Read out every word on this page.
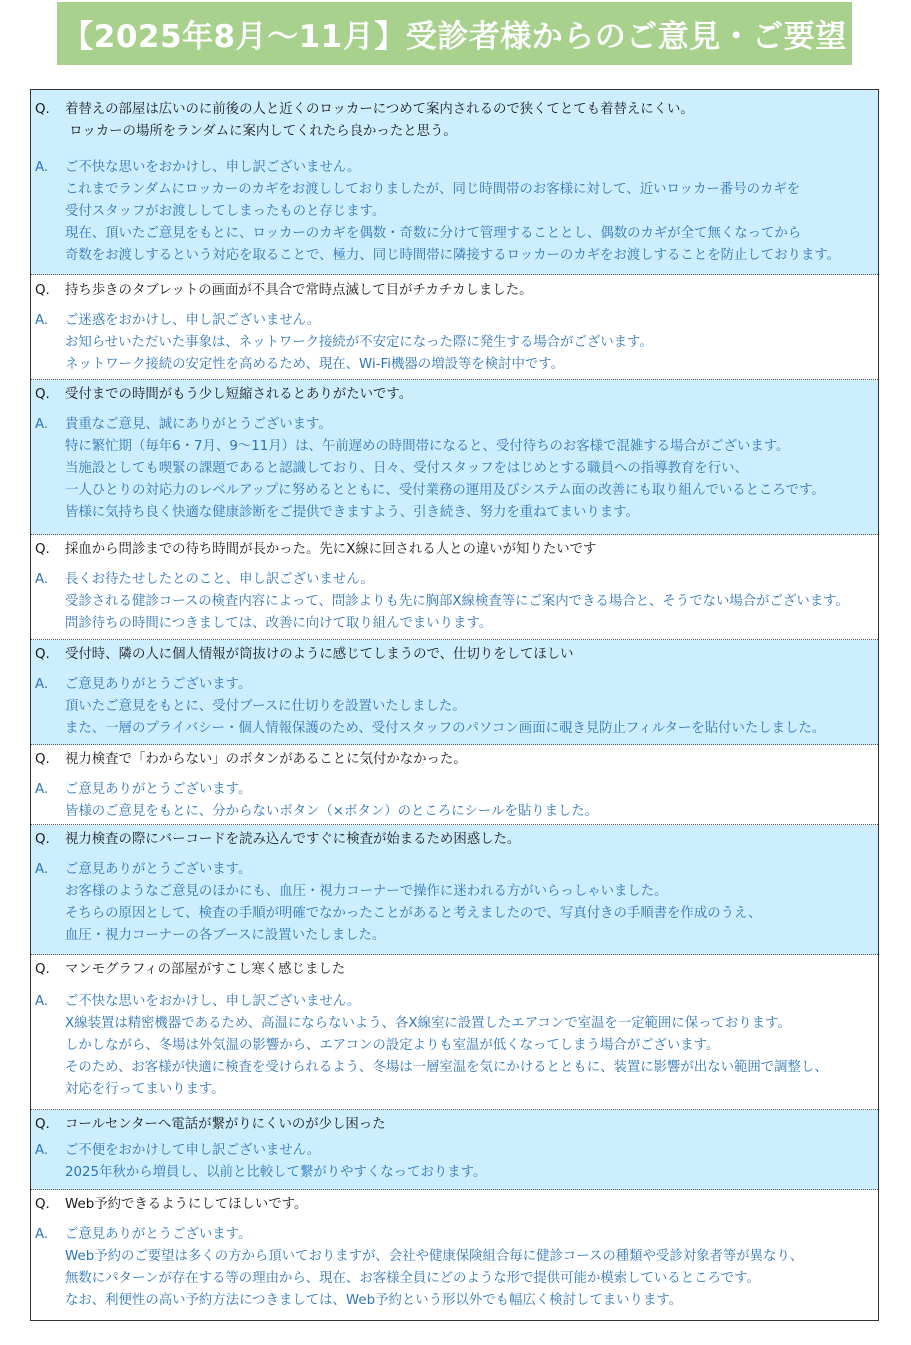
【2025年8月～11月】受診者様からのご意見・ご要望
Q.	着替えの部屋は広いのに前後の人と近くのロッカーにつめて案内されるので狭くてとても着替えにくい。
ロッカーの場所をランダムに案内してくれたら良かったと思う。
A.	ご不快な思いをおかけし、申し訳ございません。
これまでランダムにロッカーのカギをお渡ししておりましたが、同じ時間帯のお客様に対して、近いロッカー番号のカギを
受付スタッフがお渡ししてしまったものと存じます。
現在、頂いたご意見をもとに、ロッカーのカギを偶数・奇数に分けて管理することとし、偶数のカギが全て無くなってから
奇数をお渡しするという対応を取ることで、極力、同じ時間帯に隣接するロッカーのカギをお渡しすることを防止しております。
Q.	持ち歩きのタブレットの画面が不具合で常時点滅して目がチカチカしました。
A.	ご迷惑をおかけし、申し訳ございません。
お知らせいただいた事象は、ネットワーク接続が不安定になった際に発生する場合がございます。
ネットワーク接続の安定性を高めるため、現在、Wi-Fi機器の増設等を検討中です。
Q.	受付までの時間がもう少し短縮されるとありがたいです。
A.	貴重なご意見、誠にありがとうございます。
特に繁忙期（毎年6・7月、9～11月）は、午前遅めの時間帯になると、受付待ちのお客様で混雑する場合がございます。
当施設としても喫緊の課題であると認識しており、日々、受付スタッフをはじめとする職員への指導教育を行い、
一人ひとりの対応力のレベルアップに努めるとともに、受付業務の運用及びシステム面の改善にも取り組んでいるところです。
皆様に気持ち良く快適な健康診断をご提供できますよう、引き続き、努力を重ねてまいります。
Q.	採血から問診までの待ち時間が長かった。先にX線に回される人との違いが知りたいです
A.	長くお待たせしたとのこと、申し訳ございません。
受診される健診コースの検査内容によって、問診よりも先に胸部X線検査等にご案内できる場合と、そうでない場合がございます。
問診待ちの時間につきましては、改善に向けて取り組んでまいります。
Q.	受付時、隣の人に個人情報が筒抜けのように感じてしまうので、仕切りをしてほしい
A.	ご意見ありがとうございます。
頂いたご意見をもとに、受付ブースに仕切りを設置いたしました。
また、一層のプライバシー・個人情報保護のため、受付スタッフのパソコン画面に覗き見防止フィルターを貼付いたしました。
Q.	視力検査で「わからない」のボタンがあることに気付かなかった。
A.	ご意見ありがとうございます。
皆様のご意見をもとに、分からないボタン（×ボタン）のところにシールを貼りました。
Q.	視力検査の際にバーコードを読み込んですぐに検査が始まるため困惑した。
A.	ご意見ありがとうございます。
お客様のようなご意見のほかにも、血圧・視力コーナーで操作に迷われる方がいらっしゃいました。
そちらの原因として、検査の手順が明確でなかったことがあると考えましたので、写真付きの手順書を作成のうえ、
血圧・視力コーナーの各ブースに設置いたしました。
Q.	マンモグラフィの部屋がすこし寒く感じました
A.	ご不快な思いをおかけし、申し訳ございません。
X線装置は精密機器であるため、高温にならないよう、各X線室に設置したエアコンで室温を一定範囲に保っております。
しかしながら、冬場は外気温の影響から、エアコンの設定よりも室温が低くなってしまう場合がございます。
そのため、お客様が快適に検査を受けられるよう、冬場は一層室温を気にかけるとともに、装置に影響が出ない範囲で調整し、
対応を行ってまいります。
Q.	コールセンターへ電話が繋がりにくいのが少し困った
A.	ご不便をおかけして申し訳ございません。
2025年秋から増員し、以前と比較して繋がりやすくなっております。
Q.	Web予約できるようにしてほしいです。
A.	ご意見ありがとうございます。
Web予約のご要望は多くの方から頂いておりますが、会社や健康保険組合毎に健診コースの種類や受診対象者等が異なり、
無数にパターンが存在する等の理由から、現在、お客様全員にどのような形で提供可能か模索しているところです。
なお、利便性の高い予約方法につきましては、Web予約という形以外でも幅広く検討してまいります。
